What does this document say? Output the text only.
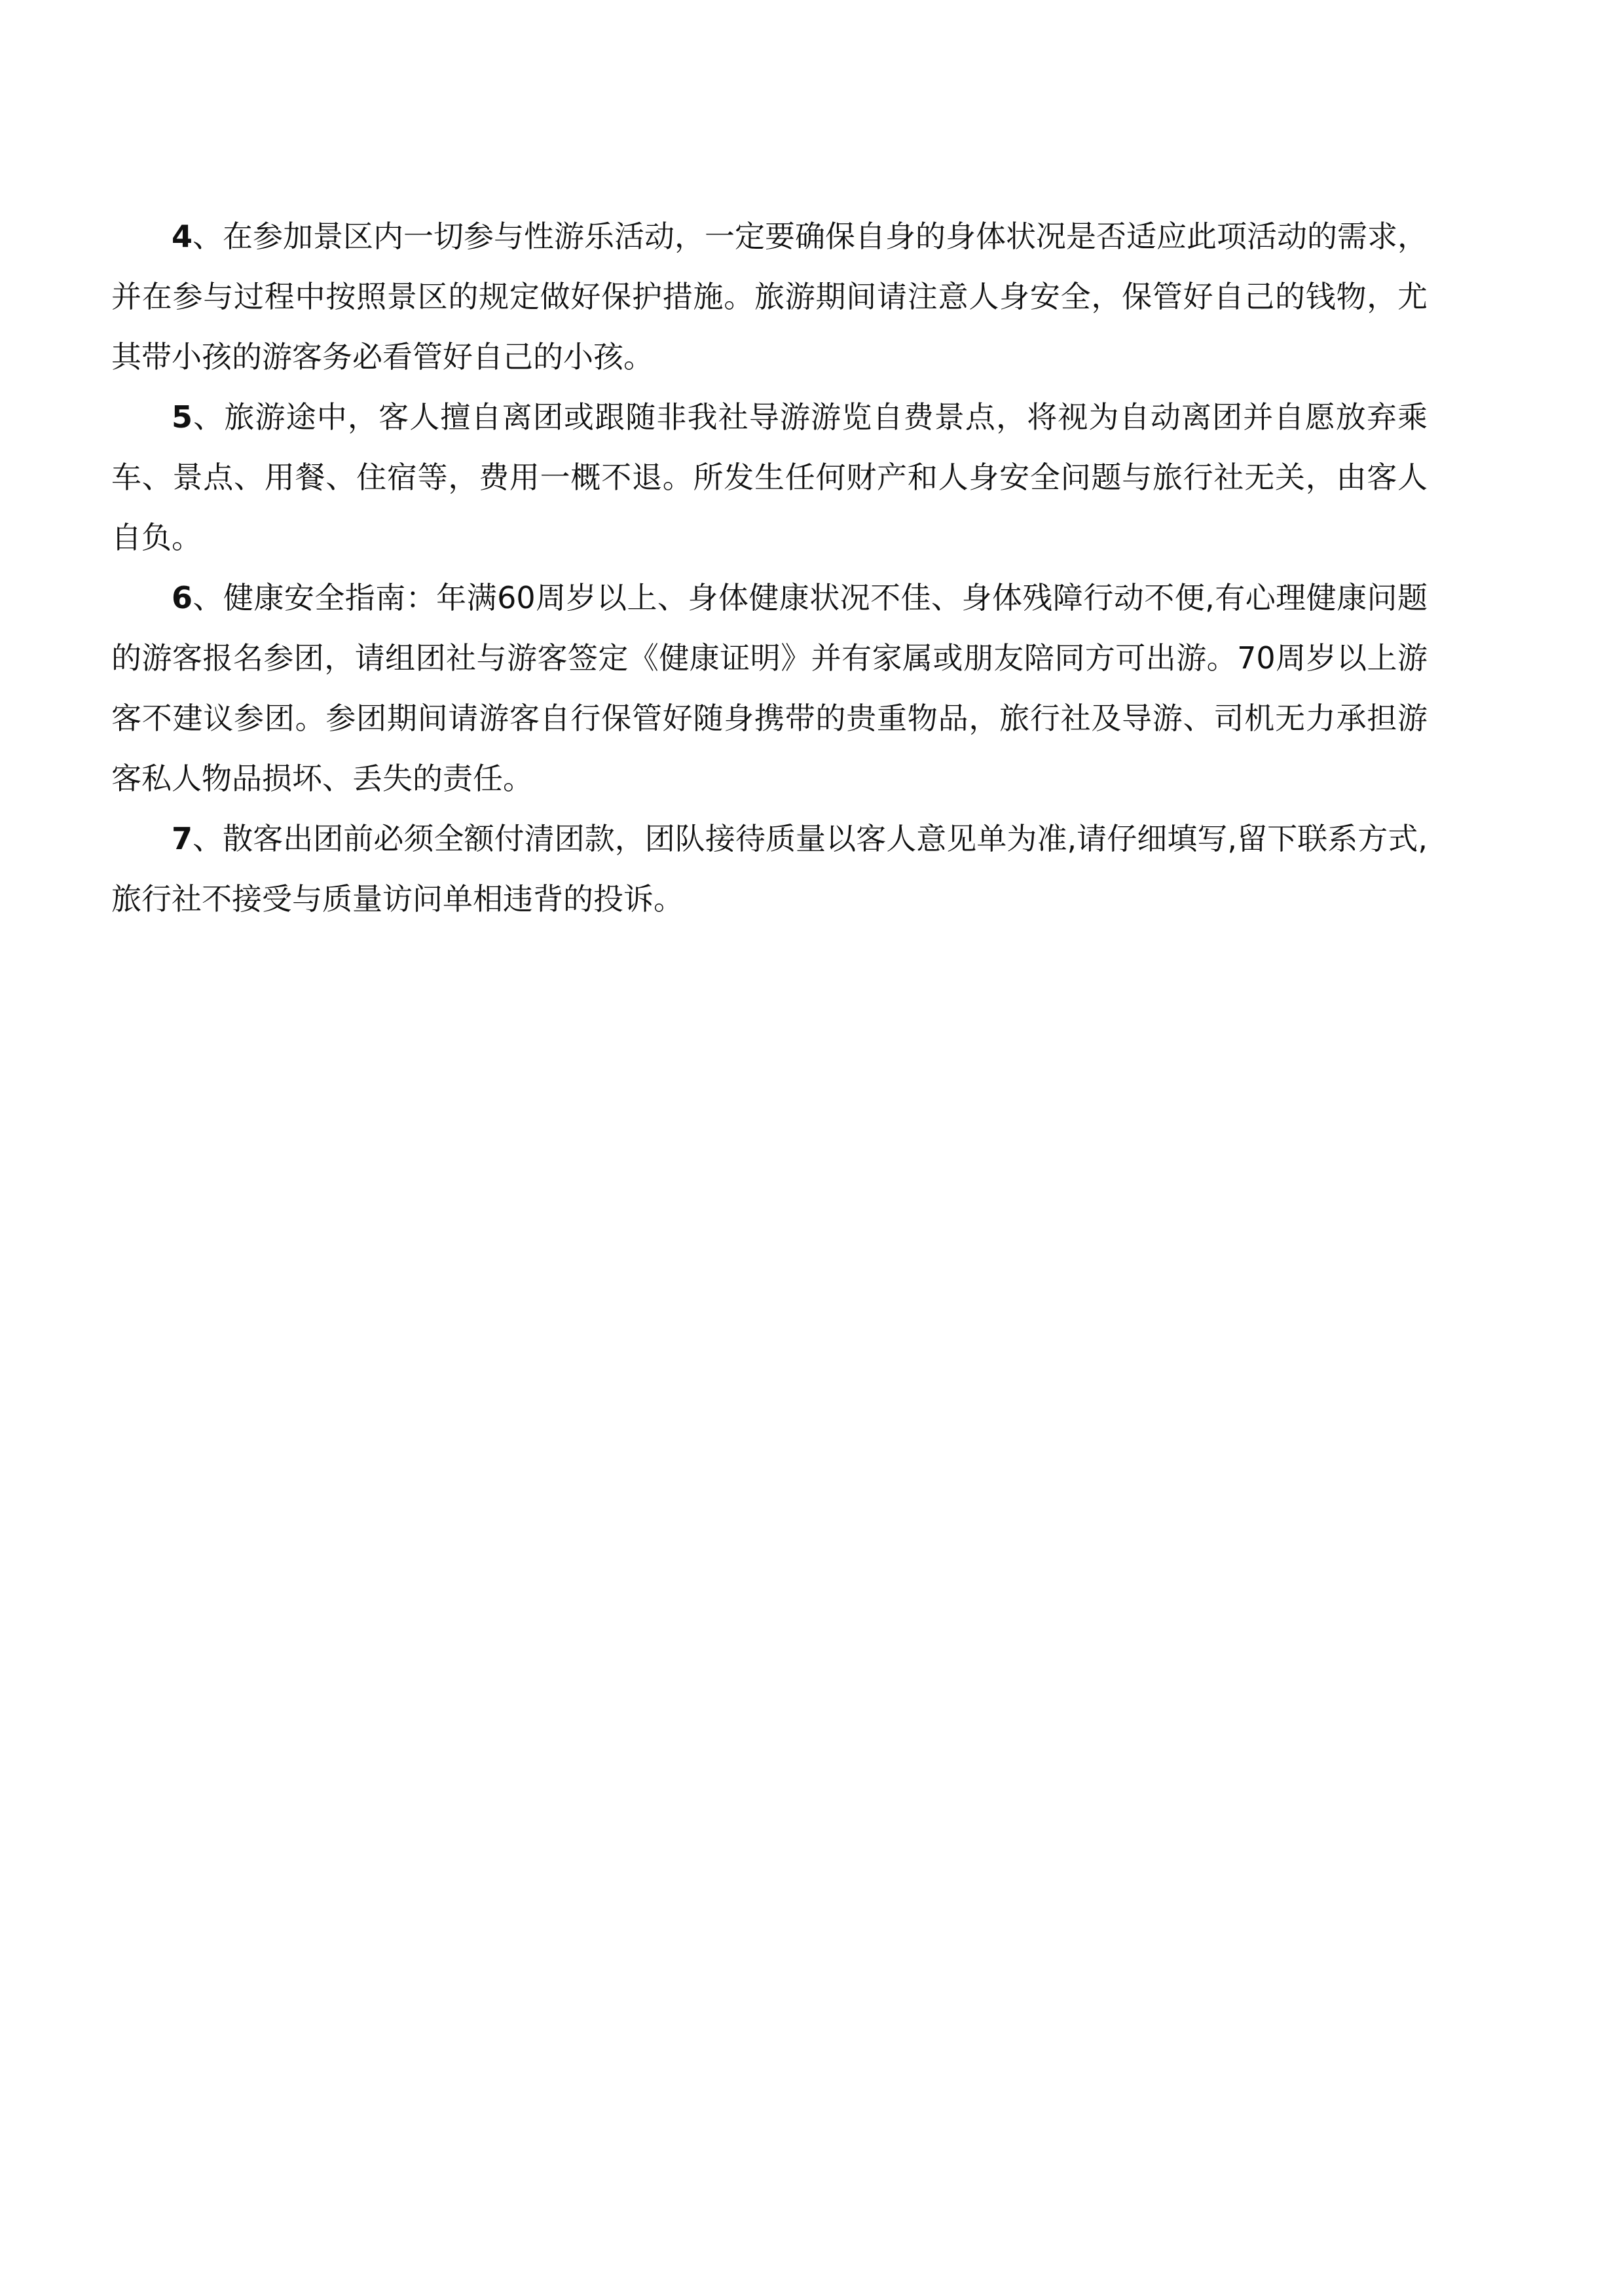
4、在参加景区内一切参与性游乐活动，一定要确保自身的身体状况是否适应此项活动的需求，并在参与过程中按照景区的规定做好保护措施。旅游期间请注意人身安全，保管好自己的钱物，尤其带小孩的游客务必看管好自己的小孩。

5、旅游途中，客人擅自离团或跟随非我社导游游览自费景点，将视为自动离团并自愿放弃乘车、景点、用餐、住宿等，费用一概不退。所发生任何财产和人身安全问题与旅行社无关，由客人自负。

6、健康安全指南：年满60周岁以上、身体健康状况不佳、身体残障行动不便,有心理健康问题的游客报名参团，请组团社与游客签定《健康证明》并有家属或朋友陪同方可出游。70周岁以上游客不建议参团。参团期间请游客自行保管好随身携带的贵重物品，旅行社及导游、司机无力承担游客私人物品损坏、丢失的责任。

7、散客出团前必须全额付清团款，团队接待质量以客人意见单为准,请仔细填写,留下联系方式,旅行社不接受与质量访问单相违背的投诉。
